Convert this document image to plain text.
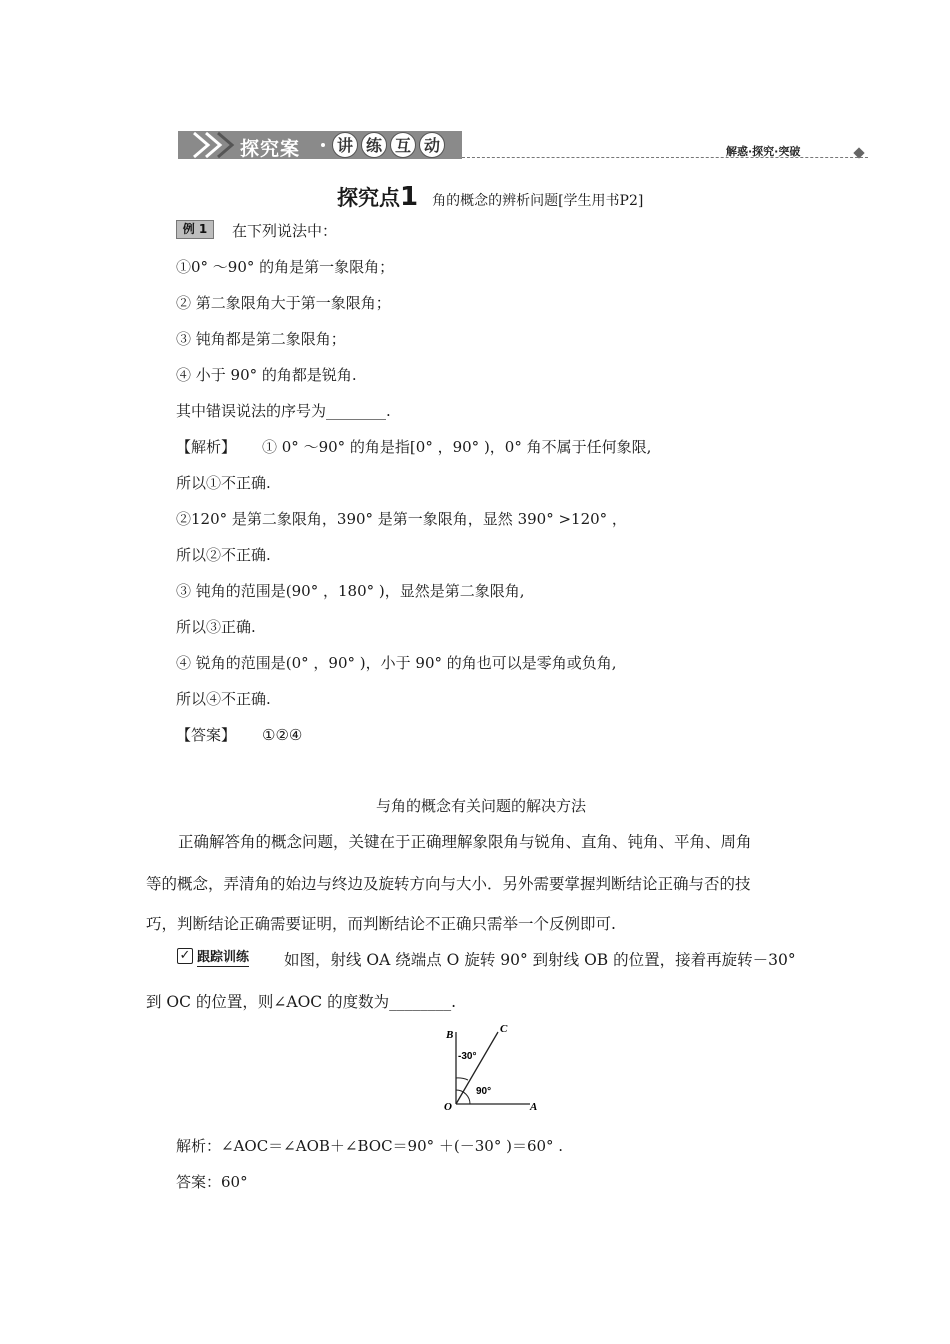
探究案	讲 练 互 动	解惑·探究·突破
探究点1 角的概念的辨析问题[学生用书P2]
例 1	在下列说法中：
①0° ～90° 的角是第一象限角；
② 第二象限角大于第一象限角；
③ 钝角都是第二象限角；
④ 小于 90° 的角都是锐角.
其中错误说法的序号为________.
【解析】 ① 0° ～90° 的角是指[0° ，90° )，0° 角不属于任何象限,
所以①不正确.
②120° 是第二象限角，390° 是第一象限角，显然 390° >120° ，
所以②不正确.
③ 钝角的范围是(90° ，180° )，显然是第二象限角,
所以③正确.
④ 锐角的范围是(0° ，90° )，小于 90° 的角也可以是零角或负角,
所以④不正确.
【答案】 ①②④
与角的概念有关问题的解决方法
正确解答角的概念问题，关键在于正确理解象限角与锐角、直角、钝角、平角、周角
等的概念，弄清角的始边与终边及旋转方向与大小．另外需要掌握判断结论正确与否的技
巧，判断结论正确需要证明，而判断结论不正确只需举一个反例即可.
✓ 跟踪训练 如图，射线 OA 绕端点 O 旋转 90° 到射线 OB 的位置，接着再旋转－30°
到 OC 的位置，则∠AOC 的度数为________.
B	C
O	A
-30°
90°
解析：∠AOC＝∠AOB＋∠BOC＝90° ＋(－30° )＝60° .
答案：60°
